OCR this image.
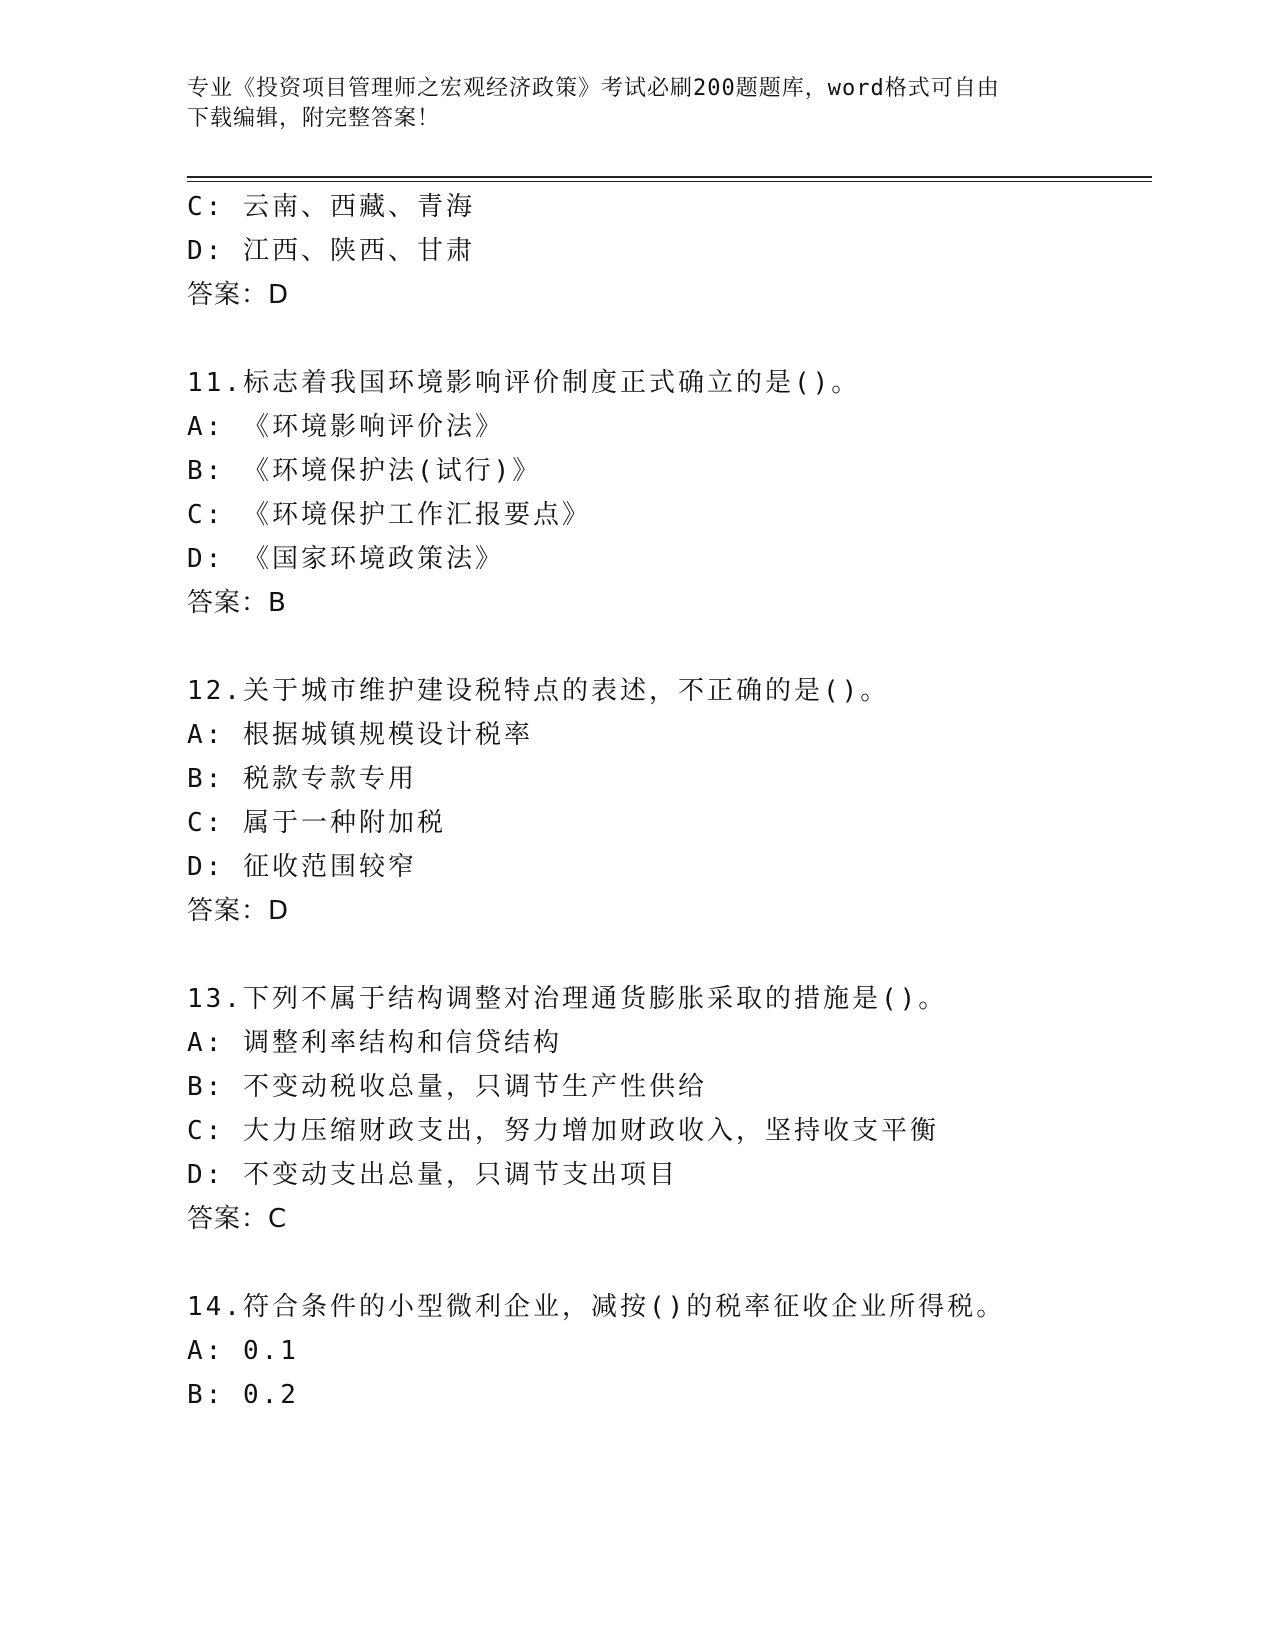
专业《投资项目管理师之宏观经济政策》考试必刷200题题库，word格式可自由
下载编辑，附完整答案！
C: 云南、西藏、青海
D: 江西、陕西、甘肃
答案：D
11.标志着我国环境影响评价制度正式确立的是()。
A: 《环境影响评价法》
B: 《环境保护法(试行)》
C: 《环境保护工作汇报要点》
D: 《国家环境政策法》
答案：B
12.关于城市维护建设税特点的表述，不正确的是()。
A: 根据城镇规模设计税率
B: 税款专款专用
C: 属于一种附加税
D: 征收范围较窄
答案：D
13.下列不属于结构调整对治理通货膨胀采取的措施是()。
A: 调整利率结构和信贷结构
B: 不变动税收总量，只调节生产性供给
C: 大力压缩财政支出，努力增加财政收入，坚持收支平衡
D: 不变动支出总量，只调节支出项目
答案：C
14.符合条件的小型微利企业，减按()的税率征收企业所得税。
A: 0.1
B: 0.2
